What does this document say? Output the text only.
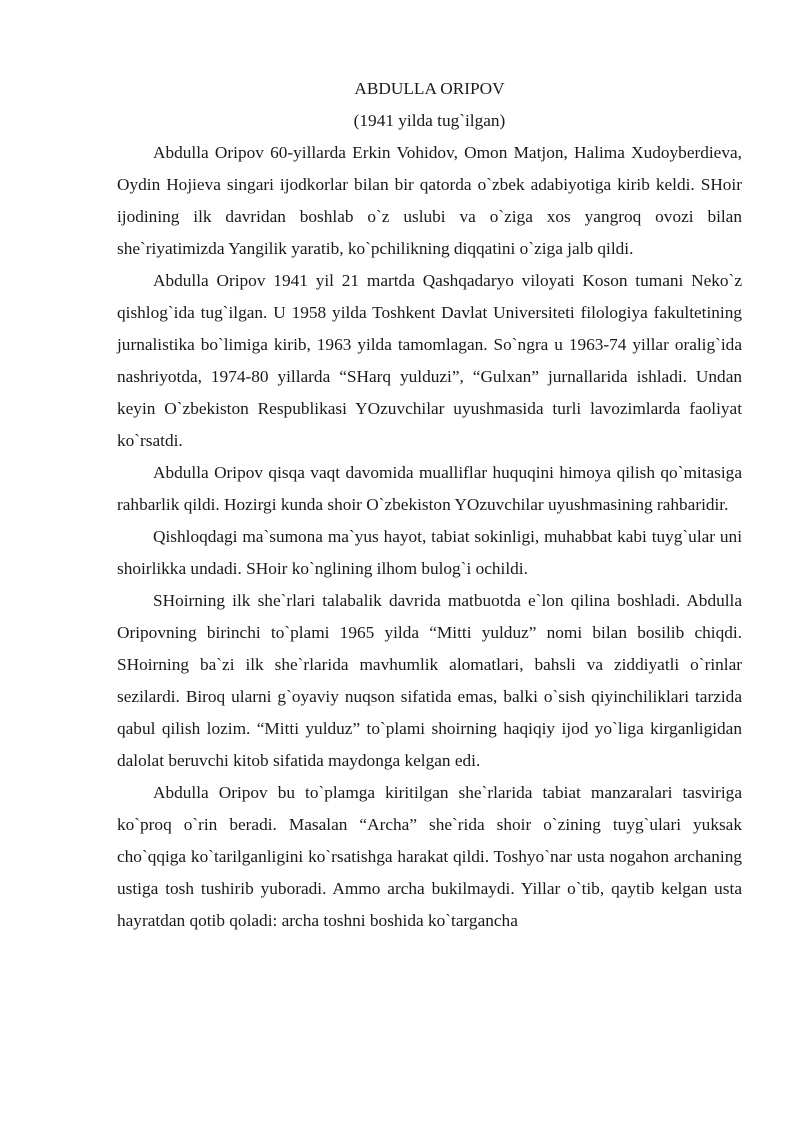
ABDULLA ORIPOV

(1941 yilda tug`ilgan)

Abdulla Oripov 60-yillarda Erkin Vohidov, Omon Matjon, Halima Xudoyberdieva, Oydin Hojieva singari ijodkorlar bilan bir qatorda o`zbek adabiyotiga kirib keldi. SHoir ijodining ilk davridan boshlab o`z uslubi va o`ziga xos yangroq ovozi bilan she`riyatimizda Yangilik yaratib, ko`pchilikning diqqatini o`ziga jalb qildi.

Abdulla Oripov 1941 yil 21 martda Qashqadaryo viloyati Koson tumani Neko`z qishlog`ida tug`ilgan. U 1958 yilda Toshkent Davlat Universiteti filologiya fakultetining jurnalistika bo`limiga kirib, 1963 yilda tamomlagan. So`ngra u 1963-74 yillar oralig`ida nashriyotda, 1974-80 yillarda “SHarq yulduzi”, “Gulxan” jurnallarida ishladi. Undan keyin O`zbekiston Respublikasi YOzuvchilar uyushmasida turli lavozimlarda faoliyat ko`rsatdi.

Abdulla Oripov qisqa vaqt davomida mualliflar huquqini himoya qilish qo`mitasiga rahbarlik qildi. Hozirgi kunda shoir O`zbekiston YOzuvchilar uyushmasining rahbaridir.

Qishloqdagi ma`sumona ma`yus hayot, tabiat sokinligi, muhabbat kabi tuyg`ular uni shoirlikka undadi. SHoir ko`nglining ilhom bulog`i ochildi.

SHoirning ilk she`rlari talabalik davrida matbuotda e`lon qilina boshladi. Abdulla Oripovning birinchi to`plami 1965 yilda “Mitti yulduz” nomi bilan bosilib chiqdi. SHoirning ba`zi ilk she`rlarida mavhumlik alomatlari, bahsli va ziddiyatli o`rinlar sezilardi. Biroq ularni g`oyaviy nuqson sifatida emas, balki o`sish qiyinchiliklari tarzida qabul qilish lozim. “Mitti yulduz” to`plami shoirning haqiqiy ijod yo`liga kirganligidan dalolat beruvchi kitob sifatida maydonga kelgan edi.

Abdulla Oripov bu to`plamga kiritilgan she`rlarida tabiat manzaralari tasviriga ko`proq o`rin beradi. Masalan “Archa” she`rida shoir o`zining tuyg`ulari yuksak cho`qqiga ko`tarilganligini ko`rsatishga harakat qildi. Toshyo`nar usta nogahon archaning ustiga tosh tushirib yuboradi. Ammo archa bukilmaydi. Yillar o`tib, qaytib kelgan usta hayratdan qotib qoladi: archa toshni boshida ko`targancha
